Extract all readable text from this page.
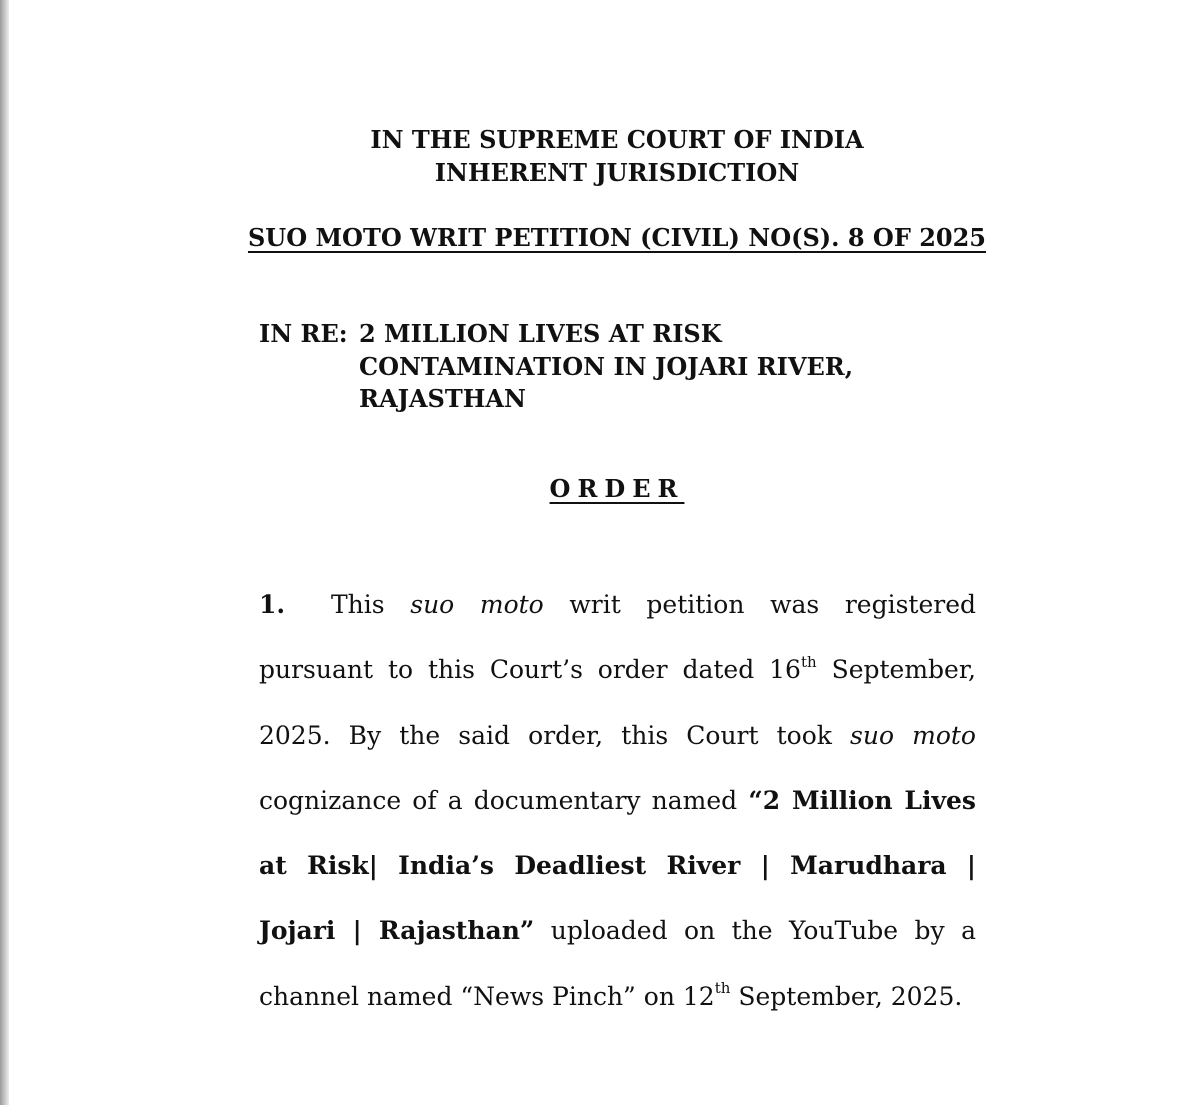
IN THE SUPREME COURT OF INDIA
INHERENT JURISDICTION
SUO MOTO WRIT PETITION (CIVIL) NO(S). 8 OF 2025
IN RE: 2 MILLION LIVES AT RISK
CONTAMINATION IN JOJARI RIVER,
RAJASTHAN
ORDER

1. This suo moto writ petition was registered pursuant to this Court’s order dated 16th September, 2025. By the said order, this Court took suo moto cognizance of a documentary named “2 Million Lives at Risk| India’s Deadliest River | Marudhara | Jojari | Rajasthan” uploaded on the YouTube by a channel named “News Pinch” on 12th September, 2025.
